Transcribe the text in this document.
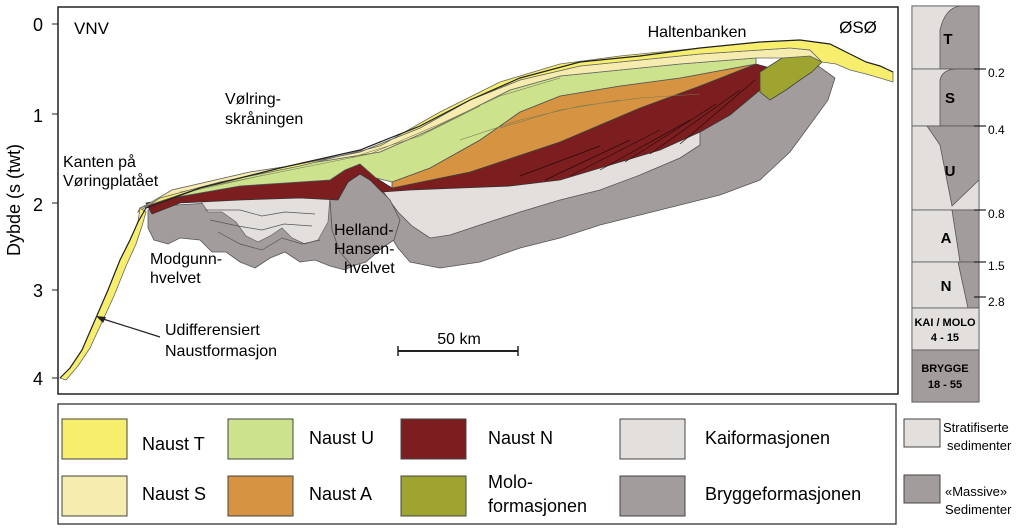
Dybde (s (twt)
0
1
2
3
4
VNV	ØSØ
Haltenbanken
Vølring-
skråningen
Kanten på
Vøringplatået
Modgunn-
hvelvet
Helland-
Hansen-
hvelvet
Udifferensiert
Naustformasjon
50 km
T
S
U
A
N
0.2
0.4
0.8
1.5
2.8
KAI / MOLO
4 - 15
BRYGGE
18 - 55
Naust T
Naust S
Naust U
Naust A
Naust N
Molo-
formasjonen
Kaiformasjonen
Bryggeformasjonen
Stratifiserte
sedimenter
«Massive»
Sedimenter
